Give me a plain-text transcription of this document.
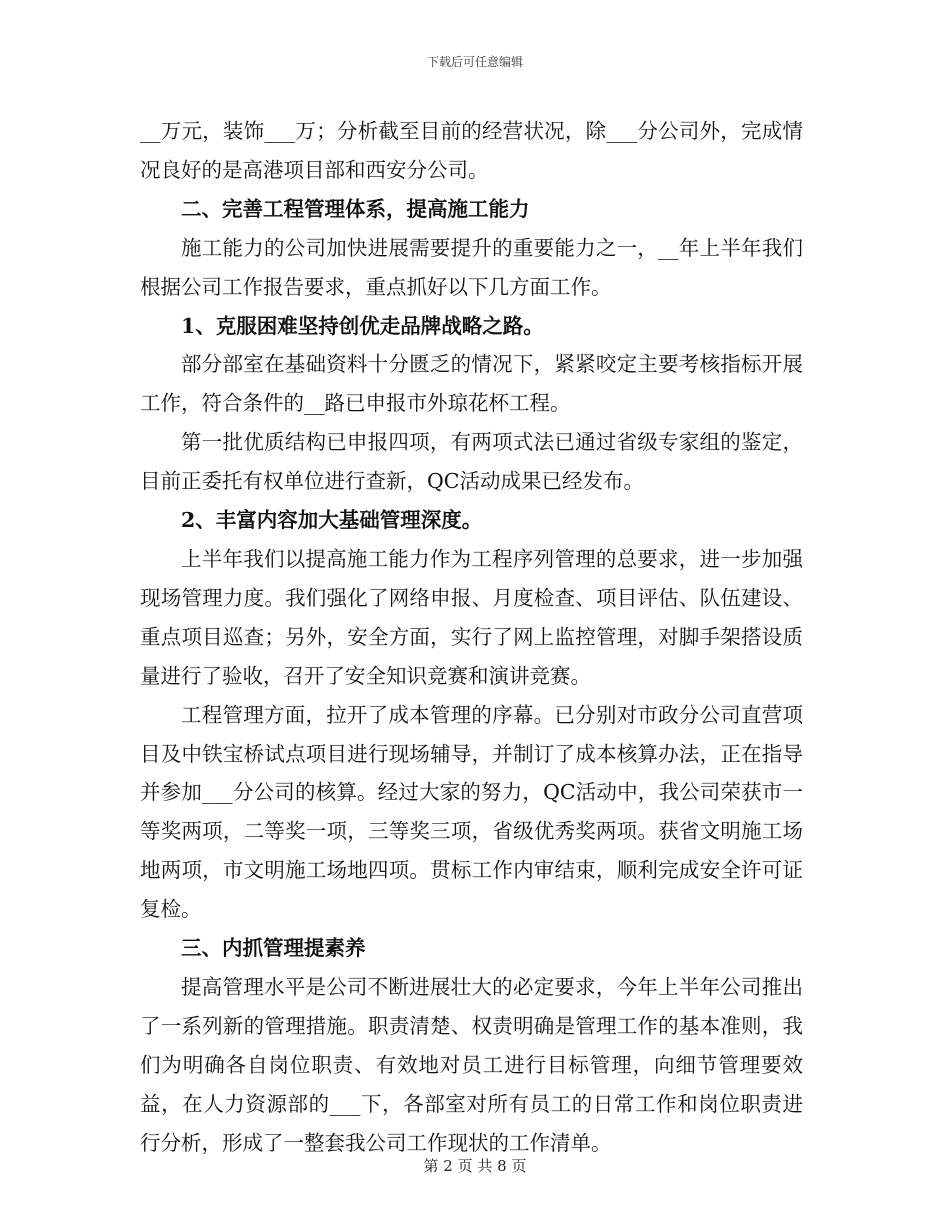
下载后可任意编辑

__万元，装饰___万；分析截至目前的经营状况，除___分公司外，完成情况良好的是高港项目部和西安分公司。

二、完善工程管理体系，提高施工能力

施工能力的公司加快进展需要提升的重要能力之一，__年上半年我们根据公司工作报告要求，重点抓好以下几方面工作。

1、克服困难坚持创优走品牌战略之路。

部分部室在基础资料十分匮乏的情况下，紧紧咬定主要考核指标开展工作，符合条件的__路已申报市外琼花杯工程。

第一批优质结构已申报四项，有两项式法已通过省级专家组的鉴定，目前正委托有权单位进行查新，QC活动成果已经发布。

2、丰富内容加大基础管理深度。

上半年我们以提高施工能力作为工程序列管理的总要求，进一步加强现场管理力度。我们强化了网络申报、月度检查、项目评估、队伍建设、重点项目巡查；另外，安全方面，实行了网上监控管理，对脚手架搭设质量进行了验收，召开了安全知识竞赛和演讲竞赛。

工程管理方面，拉开了成本管理的序幕。已分别对市政分公司直营项目及中铁宝桥试点项目进行现场辅导，并制订了成本核算办法，正在指导并参加___分公司的核算。经过大家的努力，QC活动中，我公司荣获市一等奖两项，二等奖一项，三等奖三项，省级优秀奖两项。获省文明施工场地两项，市文明施工场地四项。贯标工作内审结束，顺利完成安全许可证复检。

三、内抓管理提素养

提高管理水平是公司不断进展壮大的必定要求，今年上半年公司推出了一系列新的管理措施。职责清楚、权责明确是管理工作的基本准则，我们为明确各自岗位职责、有效地对员工进行目标管理，向细节管理要效益，在人力资源部的___下，各部室对所有员工的日常工作和岗位职责进行分析，形成了一整套我公司工作现状的工作清单。

第 2 页 共 8 页
